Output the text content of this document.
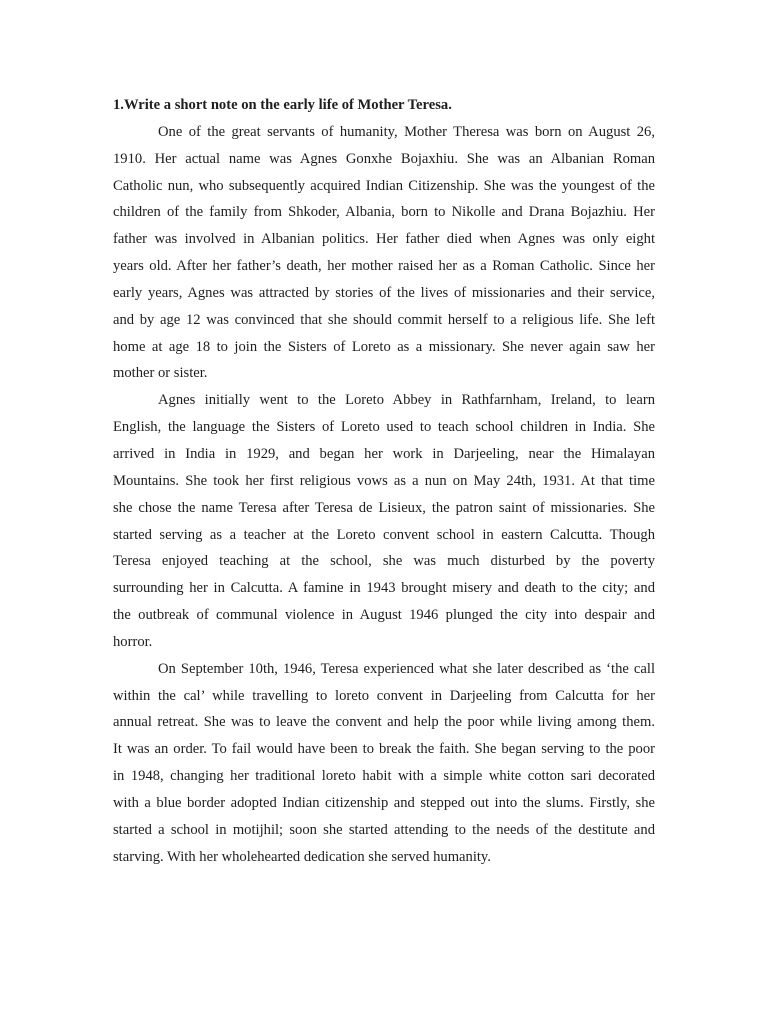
1.Write a short note on the early life of Mother Teresa.

One of the great servants of humanity, Mother Theresa was born on August 26,
1910. Her actual name was Agnes Gonxhe Bojaxhiu. She was an Albanian Roman
Catholic nun, who subsequently acquired Indian Citizenship. She was the youngest of the
children of the family from Shkoder, Albania, born to Nikolle and Drana Bojazhiu. Her
father was involved in Albanian politics. Her father died when Agnes was only eight
years old. After her father’s death, her mother raised her as a Roman Catholic. Since her
early years, Agnes was attracted by stories of the lives of missionaries and their service,
and by age 12 was convinced that she should commit herself to a religious life. She left
home at age 18 to join the Sisters of Loreto as a missionary. She never again saw her
mother or sister.

Agnes initially went to the Loreto Abbey in Rathfarnham, Ireland, to learn
English, the language the Sisters of Loreto used to teach school children in India. She
arrived in India in 1929, and began her work in Darjeeling, near the Himalayan
Mountains. She took her first religious vows as a nun on May 24th, 1931. At that time
she chose the name Teresa after Teresa de Lisieux, the patron saint of missionaries. She
started serving as a teacher at the Loreto convent school in eastern Calcutta. Though
Teresa enjoyed teaching at the school, she was much disturbed by the poverty
surrounding her in Calcutta. A famine in 1943 brought misery and death to the city; and
the outbreak of communal violence in August 1946 plunged the city into despair and
horror.

On September 10th, 1946, Teresa experienced what she later described as ‘the call
within the cal’ while travelling to loreto convent in Darjeeling from Calcutta for her
annual retreat. She was to leave the convent and help the poor while living among them.
It was an order. To fail would have been to break the faith. She began serving to the poor
in 1948, changing her traditional loreto habit with a simple white cotton sari decorated
with a blue border adopted Indian citizenship and stepped out into the slums. Firstly, she
started a school in motijhil; soon she started attending to the needs of the destitute and
starving. With her wholehearted dedication she served humanity.
